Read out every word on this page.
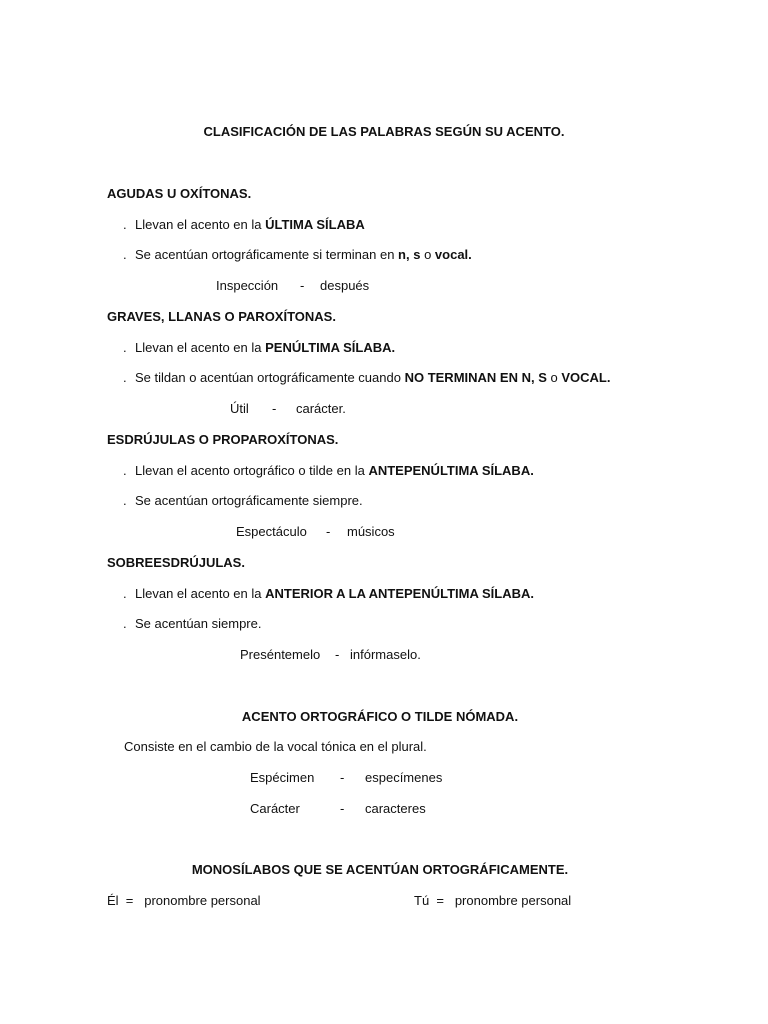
CLASIFICACIÓN DE LAS PALABRAS SEGÚN SU ACENTO.
AGUDAS U OXÍTONAS.
. Llevan el acento en la ÚLTIMA SÍLABA
. Se acentúan ortográficamente si terminan en n, s o vocal.
Inspección - después
GRAVES, LLANAS O PAROXÍTONAS.
. Llevan el acento en la PENÚLTIMA SÍLABA.
. Se tildan o acentúan ortográficamente cuando NO TERMINAN EN N, S o VOCAL.
Útil - carácter.
ESDRÚJULAS O PROPAROXÍTONAS.
. Llevan el acento ortográfico o tilde en la ANTEPENÚLTIMA SÍLABA.
. Se acentúan ortográficamente siempre.
Espectáculo - músicos
SOBREESDRÚJULAS.
. Llevan el acento en la ANTERIOR A LA ANTEPENÚLTIMA SÍLABA.
. Se acentúan siempre.
Preséntemelo - infórmaselo.
ACENTO ORTOGRÁFICO O TILDE NÓMADA.
Consiste en el cambio de la vocal tónica en el plural.
Espécimen - especímenes
Carácter	- caracteres
MONOSÍLABOS QUE SE ACENTÚAN ORTOGRÁFICAMENTE.
Él  =   pronombre personal	Tú  =   pronombre personal
